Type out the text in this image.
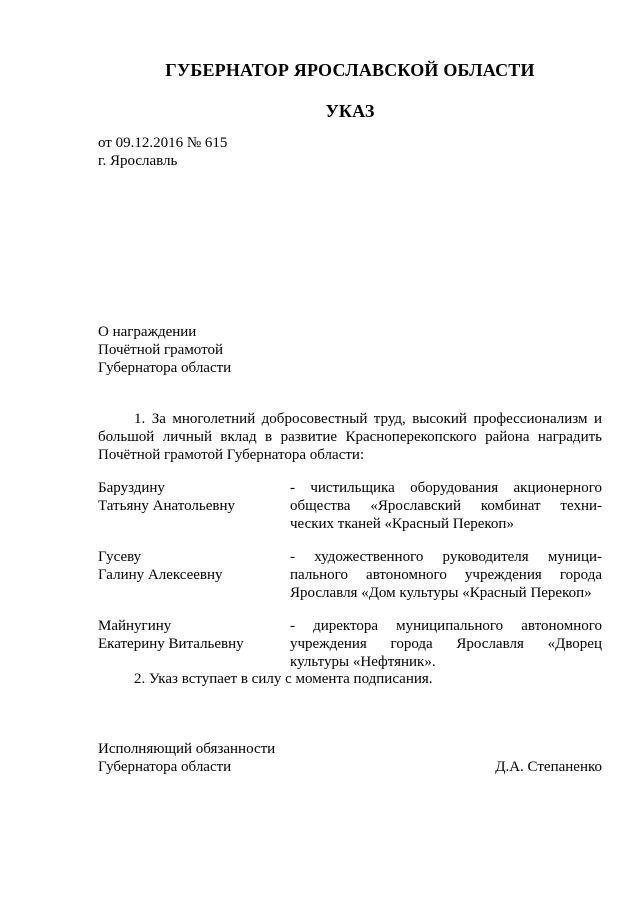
ГУБЕРНАТОР ЯРОСЛАВСКОЙ ОБЛАСТИ
УКАЗ
от 09.12.2016 № 615
г. Ярославль
О награждении
Почётной грамотой
Губернатора области
1. За многолетний добросовестный труд, высокий профессионализм и
большой личный вклад в развитие Красноперекопского района наградить
Почётной грамотой Губернатора области:
Баруздину
Татьяну Анатольевну
- чистильщика оборудования акционерного
общества «Ярославский комбинат техни-
ческих тканей «Красный Перекоп»
Гусеву
Галину Алексеевну
- художественного руководителя муници-
пального автономного учреждения города
Ярославля «Дом культуры «Красный Перекоп»
Майнугину
Екатерину Витальевну
- директора муниципального автономного
учреждения города Ярославля «Дворец
культуры «Нефтяник».
2. Указ вступает в силу с момента подписания.
Исполняющий обязанности
Губернатора области	Д.А. Степаненко
